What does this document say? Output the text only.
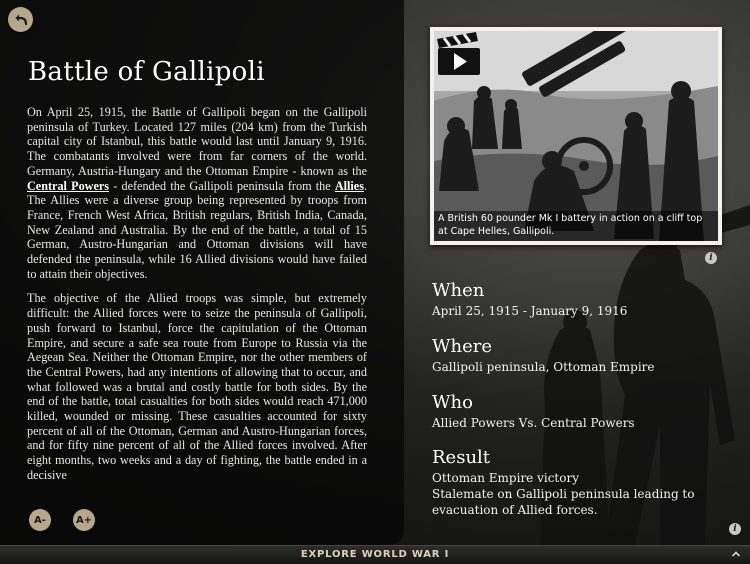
Battle of Gallipoli

On April 25, 1915, the Battle of Gallipoli began on the Gallipoli peninsula of Turkey. Located 127 miles (204 km) from the Turkish capital city of Istanbul, this battle would last until January 9, 1916. The combatants involved were from far corners of the world. Germany, Austria-Hungary and the Ottoman Empire - known as the Central Powers - defended the Gallipoli peninsula from the Allies. The Allies were a diverse group being represented by troops from France, French West Africa, British regulars, British India, Canada, New Zealand and Australia. By the end of the battle, a total of 15 German, Austro-Hungarian and Ottoman divisions will have defended the peninsula, while 16 Allied divisions would have failed to attain their objectives.

The objective of the Allied troops was simple, but extremely difficult: the Allied forces were to seize the peninsula of Gallipoli, push forward to Istanbul, force the capitulation of the Ottoman Empire, and secure a safe sea route from Europe to Russia via the Aegean Sea. Neither the Ottoman Empire, nor the other members of the Central Powers, had any intentions of allowing that to occur, and what followed was a brutal and costly battle for both sides. By the end of the battle, total casualties for both sides would reach 471,000 killed, wounded or missing. These casualties accounted for sixty percent of all of the Ottoman, German and Austro-Hungarian forces, and for fifty nine percent of all of the Allied forces involved. After eight months, two weeks and a day of fighting, the battle ended in a decisive

A-	A+
A British 60 pounder Mk I battery in action on a cliff top at Cape Helles, Gallipoli.
i
When
April 25, 1915 - January 9, 1916
Where
Gallipoli peninsula, Ottoman Empire
Who
Allied Powers Vs. Central Powers
Result
Ottoman Empire victory
Stalemate on Gallipoli peninsula leading to evacuation of Allied forces.
i
EXPLORE WORLD WAR I
